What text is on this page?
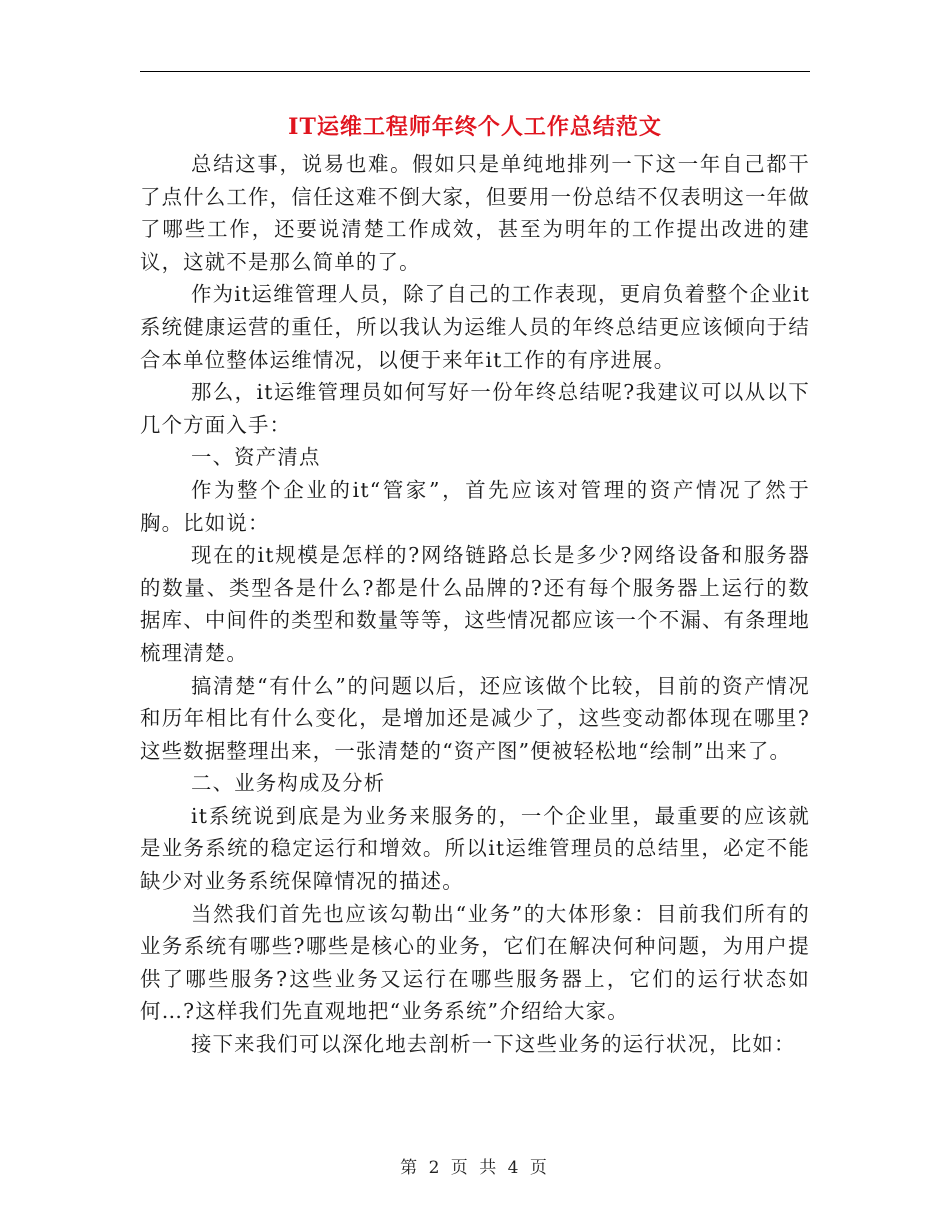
IT运维工程师年终个人工作总结范文

总结这事，说易也难。假如只是单纯地排列一下这一年自己都干了点什么工作，信任这难不倒大家，但要用一份总结不仅表明这一年做了哪些工作，还要说清楚工作成效，甚至为明年的工作提出改进的建议，这就不是那么简单的了。

作为it运维管理人员，除了自己的工作表现，更肩负着整个企业it系统健康运营的重任，所以我认为运维人员的年终总结更应该倾向于结合本单位整体运维情况，以便于来年it工作的有序进展。

那么，it运维管理员如何写好一份年终总结呢?我建议可以从以下几个方面入手：

一、资产清点

作为整个企业的it“管家”，首先应该对管理的资产情况了然于胸。比如说：

现在的it规模是怎样的?网络链路总长是多少?网络设备和服务器的数量、类型各是什么?都是什么品牌的?还有每个服务器上运行的数据库、中间件的类型和数量等等，这些情况都应该一个不漏、有条理地梳理清楚。

搞清楚“有什么”的问题以后，还应该做个比较，目前的资产情况和历年相比有什么变化，是增加还是减少了，这些变动都体现在哪里?这些数据整理出来，一张清楚的“资产图”便被轻松地“绘制”出来了。

二、业务构成及分析

it系统说到底是为业务来服务的，一个企业里，最重要的应该就是业务系统的稳定运行和增效。所以it运维管理员的总结里，必定不能缺少对业务系统保障情况的描述。

当然我们首先也应该勾勒出“业务”的大体形象：目前我们所有的业务系统有哪些?哪些是核心的业务，它们在解决何种问题，为用户提供了哪些服务?这些业务又运行在哪些服务器上，它们的运行状态如何…?这样我们先直观地把“业务系统”介绍给大家。

接下来我们可以深化地去剖析一下这些业务的运行状况，比如：

第 2 页 共 4 页
